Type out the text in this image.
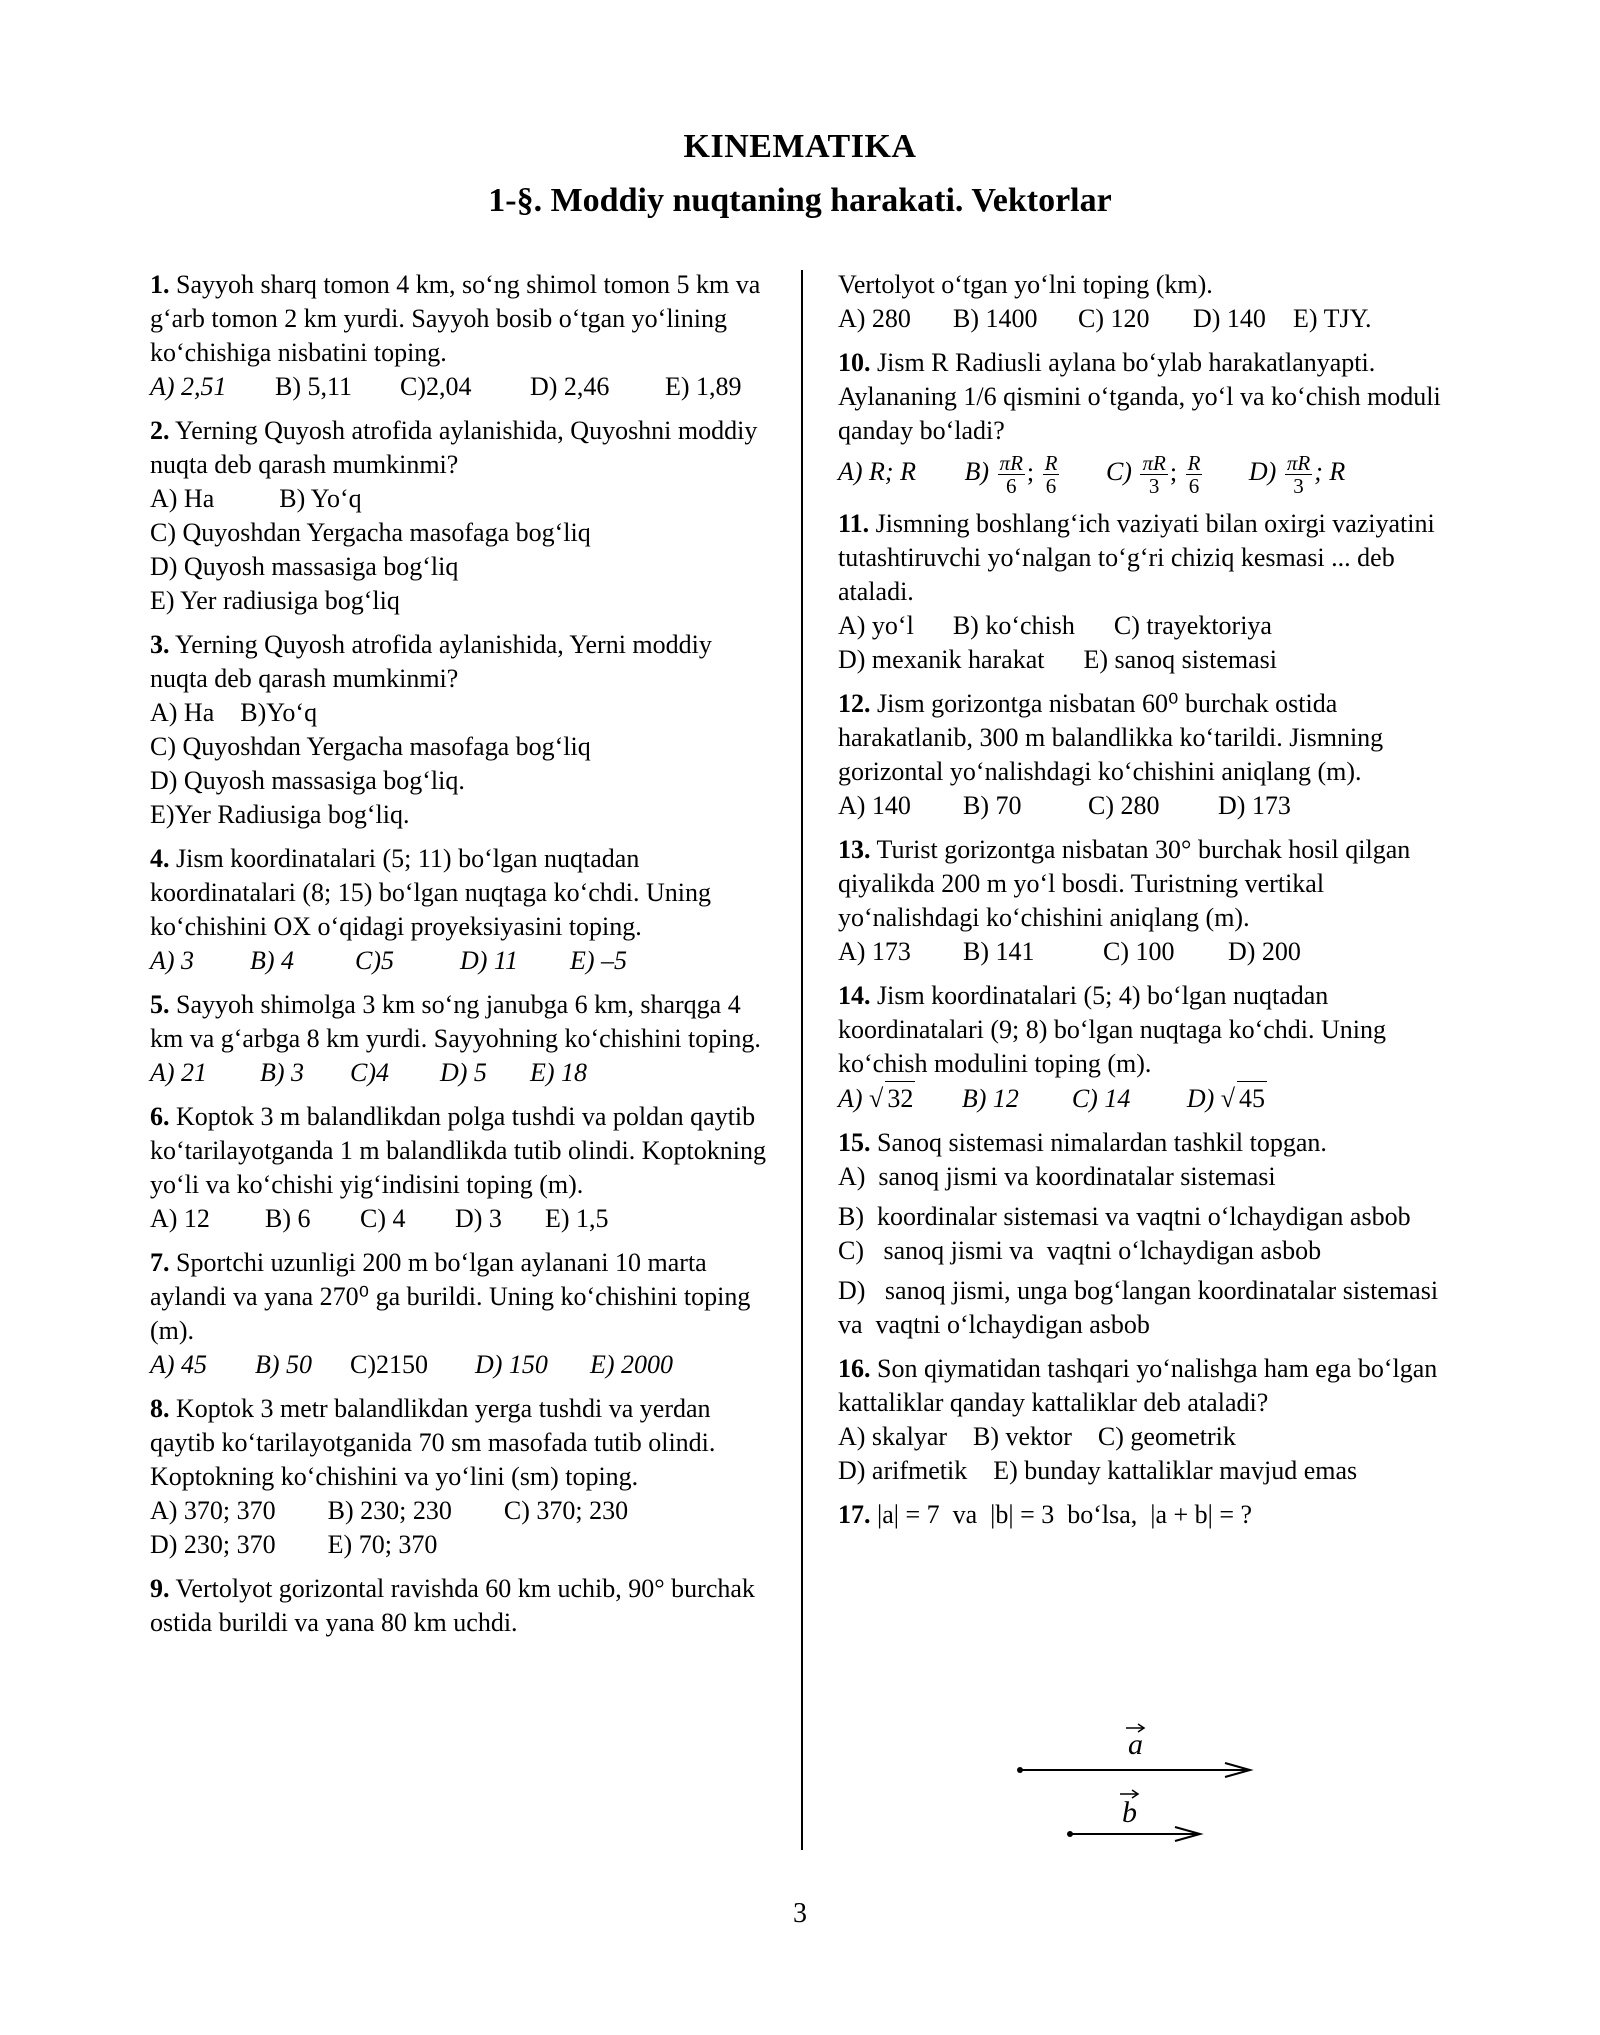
KINEMATIKA
1-§. Moddiy nuqtaning harakati. Vektorlar
1. Sayyoh sharq tomon 4 km, so‘ng shimol tomon 5 km va g‘arb tomon 2 km yurdi. Sayyoh bosib o‘tgan yo‘lining ko‘chishiga nisbatini toping.
A) 2,51 B) 5,11 C)2,04 D) 2,46 E) 1,89
2. Yerning Quyosh atrofida aylanishida, Quyoshni moddiy nuqta deb qarash mumkinmi?
A) Ha          B) Yo‘q
C) Quyoshdan Yergacha masofaga bog‘liq
D) Quyosh massasiga bog‘liq
E) Yer radiusiga bog‘liq
3. Yerning Quyosh atrofida aylanishida, Yerni moddiy nuqta deb qarash mumkinmi?
A) Ha    B)Yo‘q
C) Quyoshdan Yergacha masofaga bog‘liq
D) Quyosh massasiga bog‘liq.
E)Yer Radiusiga bog‘liq.
4. Jism koordinatalari (5; 11) bo‘lgan nuqtadan koordinatalari (8; 15) bo‘lgan nuqtaga ko‘chdi. Uning ko‘chishini OX o‘qidagi proyeksiyasini toping.
A) 3 B) 4 C)5	D) 11 E) –5
5. Sayyoh shimolga 3 km so‘ng janubga 6 km, sharqga 4 km va g‘arbga 8 km yurdi. Sayyohning ko‘chishini toping.
A) 21 B) 3 C)4 D) 5 E) 18
6. Koptok 3 m balandlikdan polga tushdi va poldan qaytib ko‘tarilayotganda 1 m balandlikda tutib olindi. Koptokning yo‘li va ko‘chishi yig‘indisini toping (m).
A) 12 B) 6 C) 4 D) 3 E) 1,5
7. Sportchi uzunligi 200 m bo‘lgan aylanani 10 marta aylandi va yana 270⁰ ga burildi. Uning ko‘chishini toping (m).
A) 45 B) 50 C)2150 D) 150 E) 2000
8. Koptok 3 metr balandlikdan yerga tushdi va yerdan qaytib ko‘tarilayotganida 70 sm masofada tutib olindi. Koptokning ko‘chishini va yo‘lini (sm) toping.
A) 370; 370        B) 230; 230        C) 370; 230
D) 230; 370        E) 70; 370
9. Vertolyot gorizontal ravishda 60 km uchib, 90° burchak ostida burildi va yana 80 km uchdi.
Vertolyot o‘tgan yo‘lni toping (km).
A) 280 B) 1400 C) 120 D) 140 E) TJY.
10. Jism R Radiusli aylana bo‘ylab harakatlanyapti. Aylananing 1/6 qismini o‘tganda, yo‘l va ko‘chish moduli qanday bo‘ladi?

A) R; R $B) \frac{\pi R}{6}$ ; $\frac{R}{6} C) \frac{\pi R}{3}$ ; $\frac{R}{6} D) \frac{\pi R}{3}$ ; R
11. Jismning boshlang‘ich vaziyati bilan oxirgi vaziyatini tutashtiruvchi yo‘nalgan to‘g‘ri chiziq kesmasi ... deb ataladi.
A) yo‘l      B) ko‘chish      C) trayektoriya
D) mexanik harakat      E) sanoq sistemasi
12. Jism gorizontga nisbatan 60⁰ burchak ostida harakatlanib, 300 m balandlikka ko‘tarildi. Jismning gorizontal yo‘nalishdagi ko‘chishini aniqlang (m).
A) 140 B) 70	C) 280 D) 173
13. Turist gorizontga nisbatan 30° burchak hosil qilgan qiyalikda 200 m yo‘l bosdi. Turistning vertikal yo‘nalishdagi ko‘chishini aniqlang (m).
A) 173 B) 141	C) 100 D) 200
14. Jism koordinatalari (5; 4) bo‘lgan nuqtadan koordinatalari (9; 8) bo‘lgan nuqtaga ko‘chdi. Uning ko‘chish modulini toping (m).
A) √ 32 B) 12 C) 14 D) √ 45
15. Sanoq sistemasi nimalardan tashkil topgan.
A)  sanoq jismi va koordinatalar sistemasi
B)  koordinalar sistemasi va vaqtni o‘lchaydigan asbob
C)   sanoq jismi va  vaqtni o‘lchaydigan asbob
D)   sanoq jismi, unga bog‘langan koordinatalar sistemasi va  vaqtni o‘lchaydigan asbob
16. Son qiymatidan tashqari yo‘nalishga ham ega bo‘lgan kattaliklar qanday kattaliklar deb ataladi?
A) skalyar    B) vektor    C) geometrik
D) arifmetik    E) bunday kattaliklar mavjud emas
17. |a| = 7  va  |b| = 3  bo‘lsa,  |a + b| = ?
a
b
3
